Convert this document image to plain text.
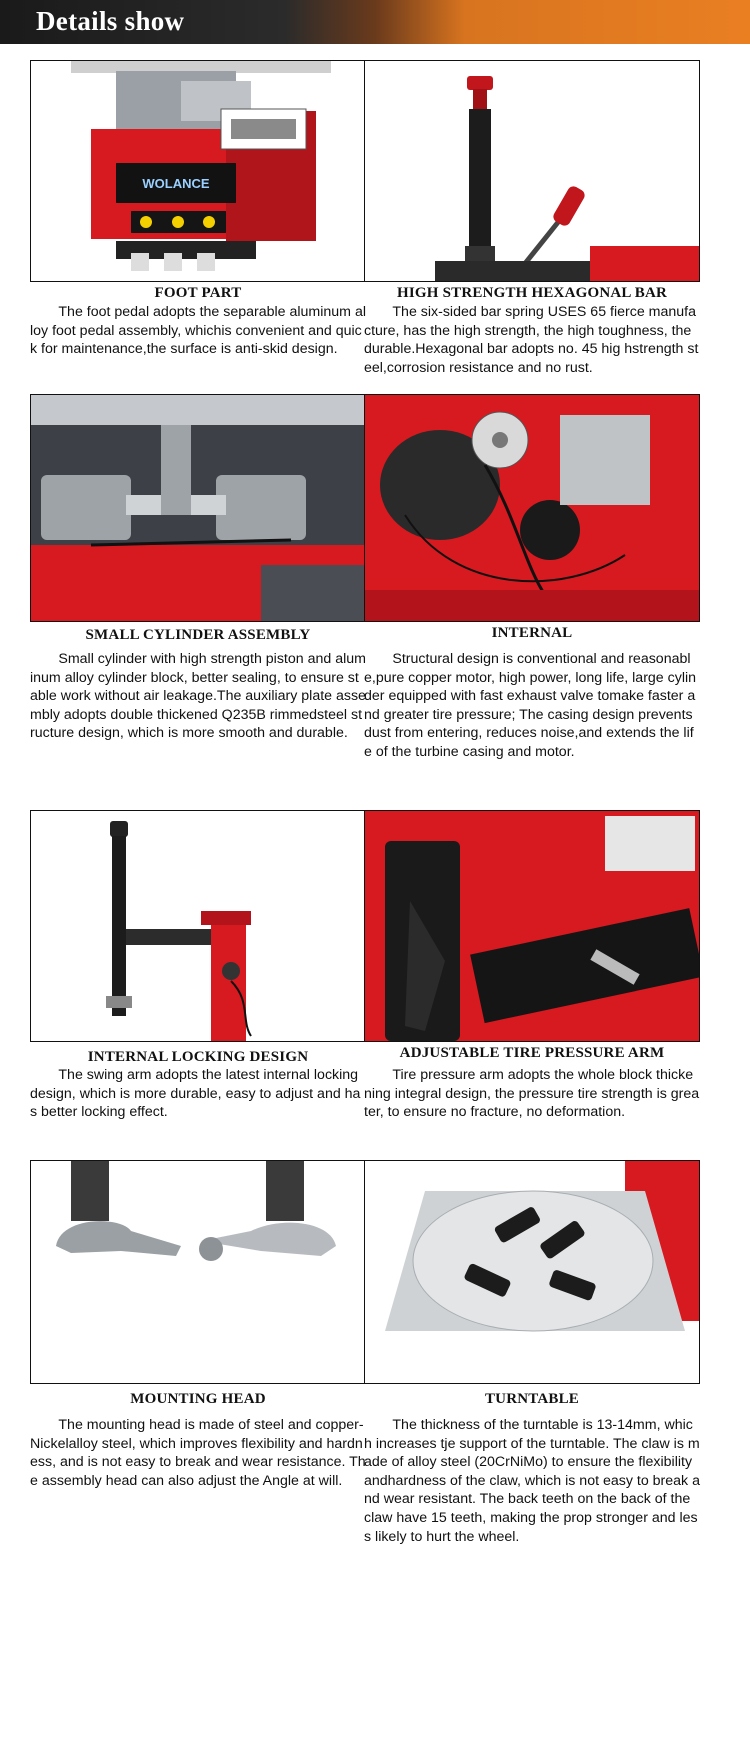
Details show
WOLANCE
FOOT PART

The foot pedal adopts the separable aluminum alloy foot pedal assembly, whichis convenient and quick for maintenance,the surface is anti-skid design.

HIGH STRENGTH HEXAGONAL BAR

The six-sided bar spring USES 65 fierce manufacture, has the high strength, the high toughness, the durable.Hexagonal bar adopts no. 45 hig hstrength steel,corrosion resistance and no rust.

SMALL CYLINDER ASSEMBLY

Small cylinder with high strength piston and aluminum alloy cylinder block, better sealing, to ensure stable work without air leakage.The auxiliary plate assembly adopts double thickened Q235B rimmedsteel structure design, which is more smooth and durable.

INTERNAL

Structural design is conventional and reasonable,pure copper motor, high power, long life, large cylinder equipped with fast exhaust valve tomake faster and greater tire pressure; The casing design prevents dust from entering, reduces noise,and extends the life of the turbine casing and motor.

INTERNAL LOCKING DESIGN

The swing arm adopts the latest internal locking design, which is more durable, easy to adjust and has better locking effect.

ADJUSTABLE TIRE PRESSURE ARM

Tire pressure arm adopts the whole block thickening integral design, the pressure tire strength is greater, to ensure no fracture, no deformation.

MOUNTING HEAD

The mounting head is made of steel and copper-Nickelalloy steel, which improves flexibility and hardness, and is not easy to break and wear resistance. The assembly head can also adjust the Angle at will.

TURNTABLE

The thickness of the turntable is 13-14mm, which increases tje support of the turntable. The claw is made of alloy steel (20CrNiMo) to ensure the flexibility andhardness of the claw, which is not easy to break and wear resistant. The back teeth on the back of the claw have 15 teeth, making the prop stronger and less likely to hurt the wheel.
